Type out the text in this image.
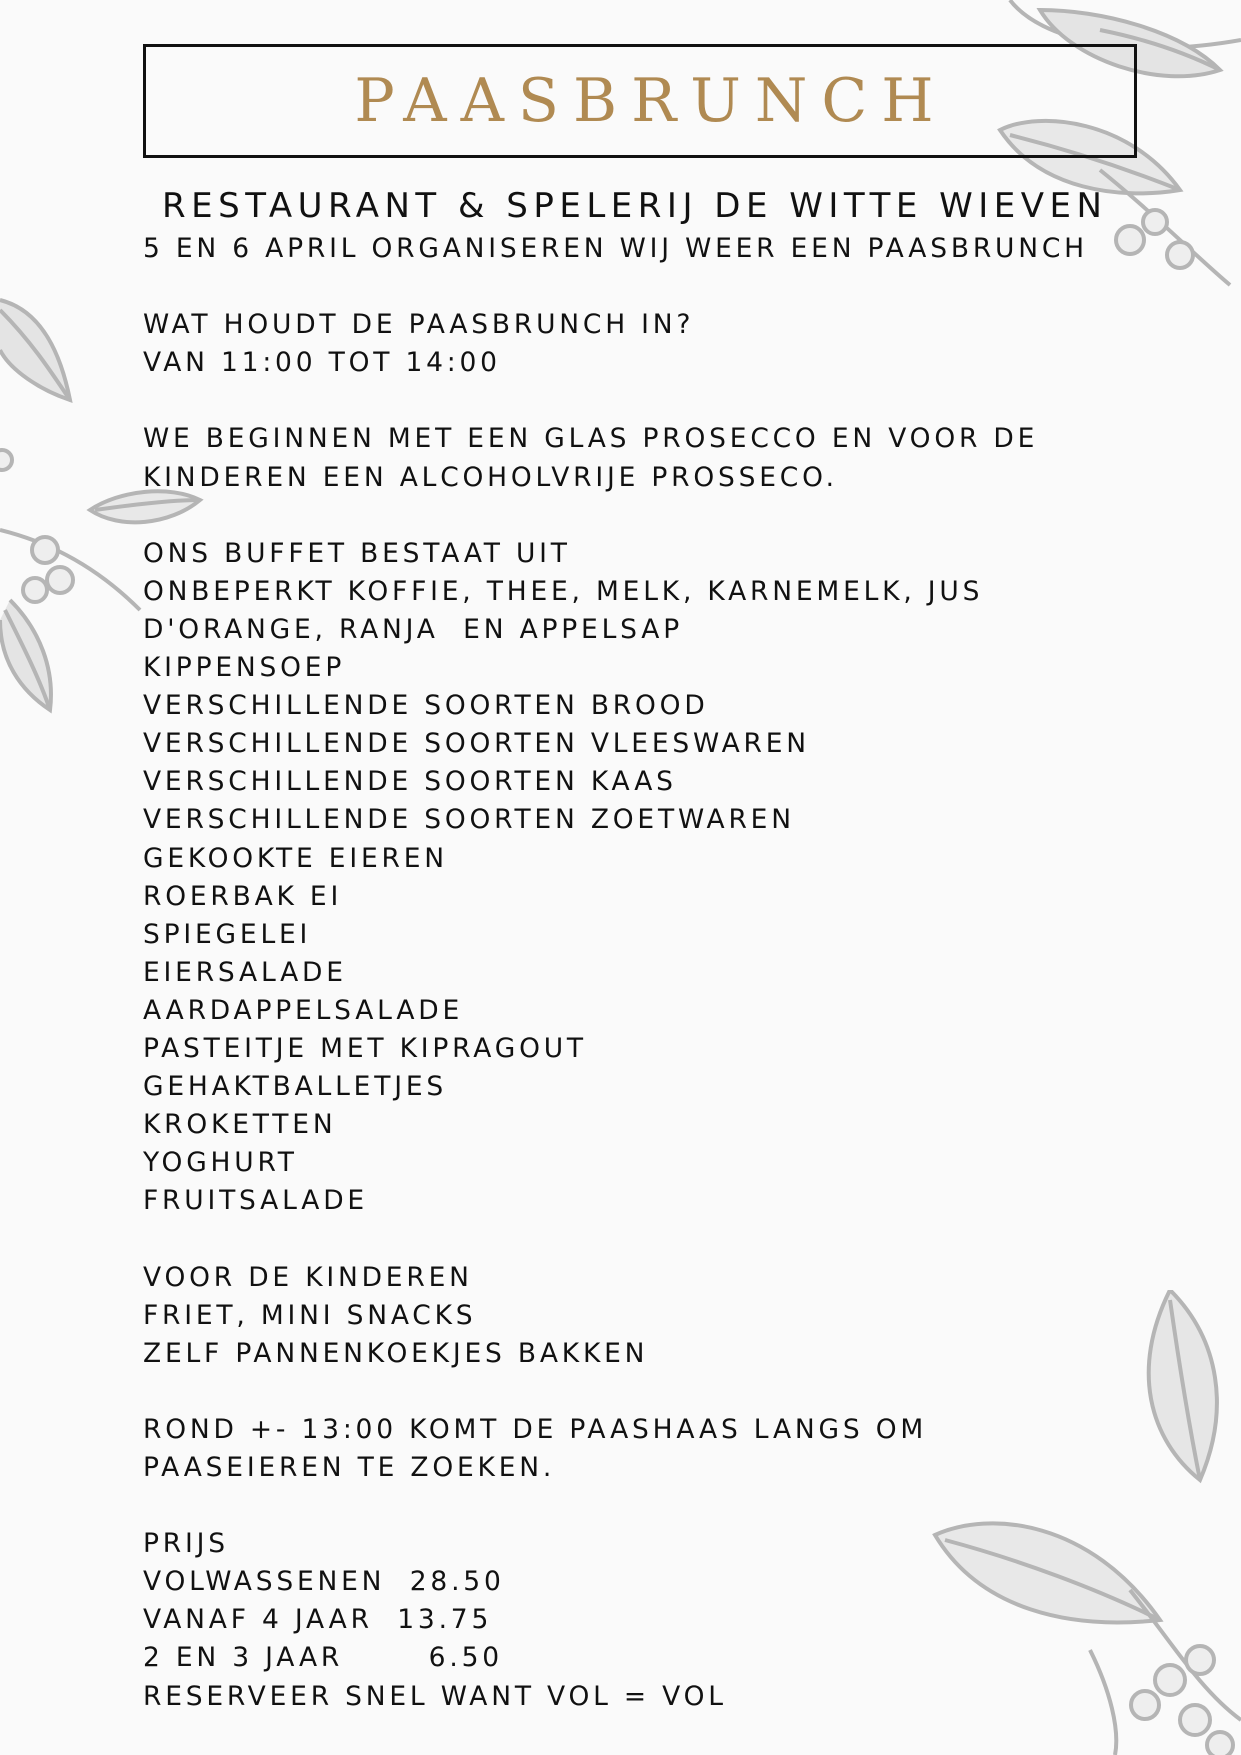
PAASBRUNCH
RESTAURANT & SPELERIJ DE WITTE WIEVEN
5 EN 6 APRIL ORGANISEREN WIJ WEER EEN PAASBRUNCH
WAT HOUDT DE PAASBRUNCH IN?
VAN 11:00 TOT 14:00
WE BEGINNEN MET EEN GLAS PROSECCO EN VOOR DE
KINDEREN EEN ALCOHOLVRIJE PROSSECO.
ONS BUFFET BESTAAT UIT
ONBEPERKT KOFFIE, THEE, MELK, KARNEMELK, JUS
D'ORANGE, RANJA  EN APPELSAP
KIPPENSOEP
VERSCHILLENDE SOORTEN BROOD
VERSCHILLENDE SOORTEN VLEESWAREN
VERSCHILLENDE SOORTEN KAAS
VERSCHILLENDE SOORTEN ZOETWAREN
GEKOOKTE EIEREN
ROERBAK EI
SPIEGELEI
EIERSALADE
AARDAPPELSALADE
PASTEITJE MET KIPRAGOUT
GEHAKTBALLETJES
KROKETTEN
YOGHURT
FRUITSALADE
VOOR DE KINDEREN
FRIET, MINI SNACKS
ZELF PANNENKOEKJES BAKKEN
ROND +- 13:00 KOMT DE PAASHAAS LANGS OM
PAASEIEREN TE ZOEKEN.
PRIJS
VOLWASSENEN  28.50
VANAF 4 JAAR  13.75
2 EN 3 JAAR       6.50
RESERVEER SNEL WANT VOL = VOL
